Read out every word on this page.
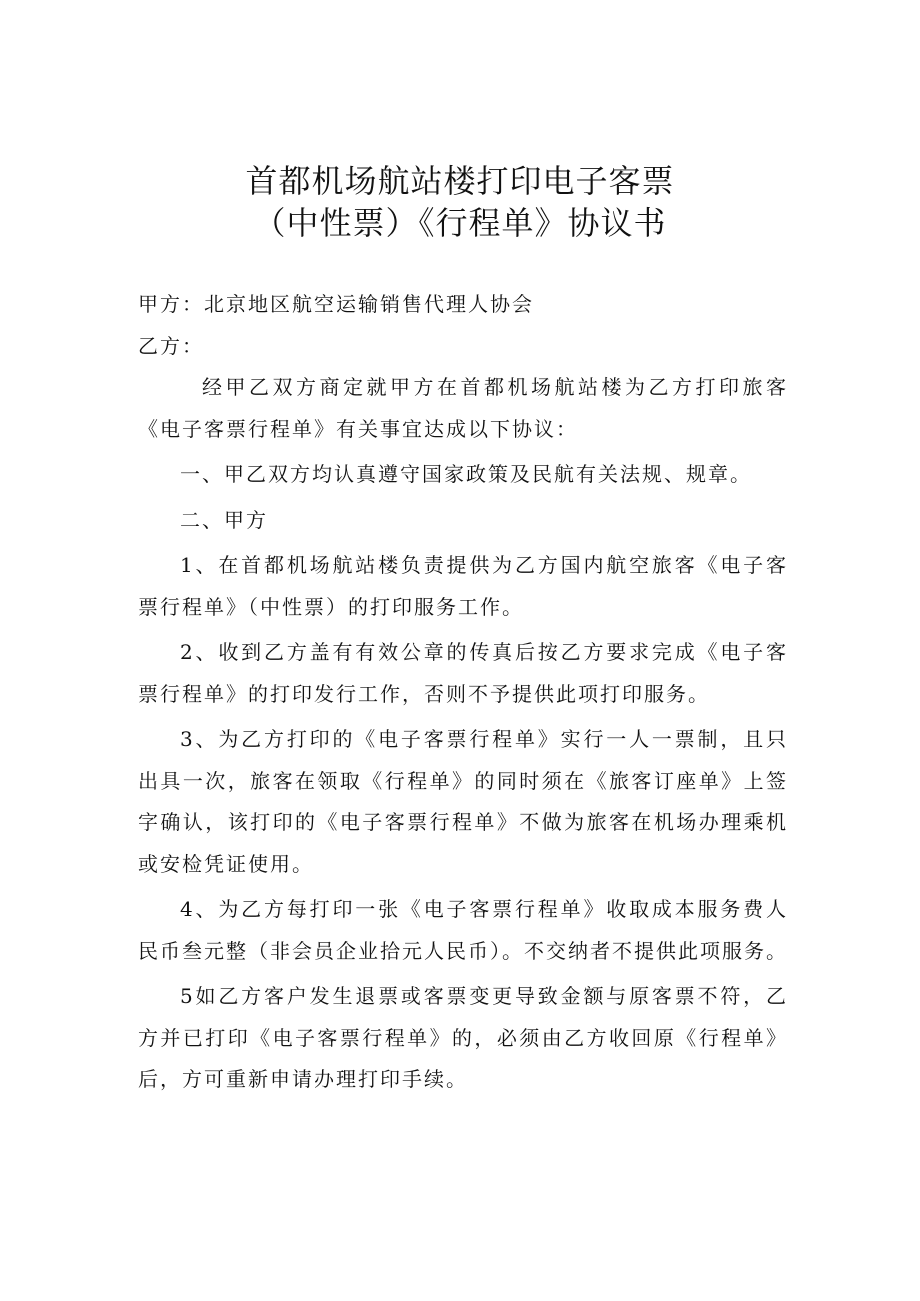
首都机场航站楼打印电子客票

（中性票）《行程单》协议书

甲方：北京地区航空运输销售代理人协会

乙方：

经甲乙双方商定就甲方在首都机场航站楼为乙方打印旅客《电子客票行程单》有关事宜达成以下协议：

一、甲乙双方均认真遵守国家政策及民航有关法规、规章。

二、甲方

1、在首都机场航站楼负责提供为乙方国内航空旅客《电子客票行程单》（中性票）的打印服务工作。

2、收到乙方盖有有效公章的传真后按乙方要求完成《电子客票行程单》的打印发行工作，否则不予提供此项打印服务。

3、为乙方打印的《电子客票行程单》实行一人一票制，且只出具一次，旅客在领取《行程单》的同时须在《旅客订座单》上签字确认，该打印的《电子客票行程单》不做为旅客在机场办理乘机或安检凭证使用。

4、为乙方每打印一张《电子客票行程单》收取成本服务费人民币叁元整（非会员企业拾元人民币）。不交纳者不提供此项服务。

5如乙方客户发生退票或客票变更导致金额与原客票不符，乙方并已打印《电子客票行程单》的，必须由乙方收回原《行程单》后，方可重新申请办理打印手续。
